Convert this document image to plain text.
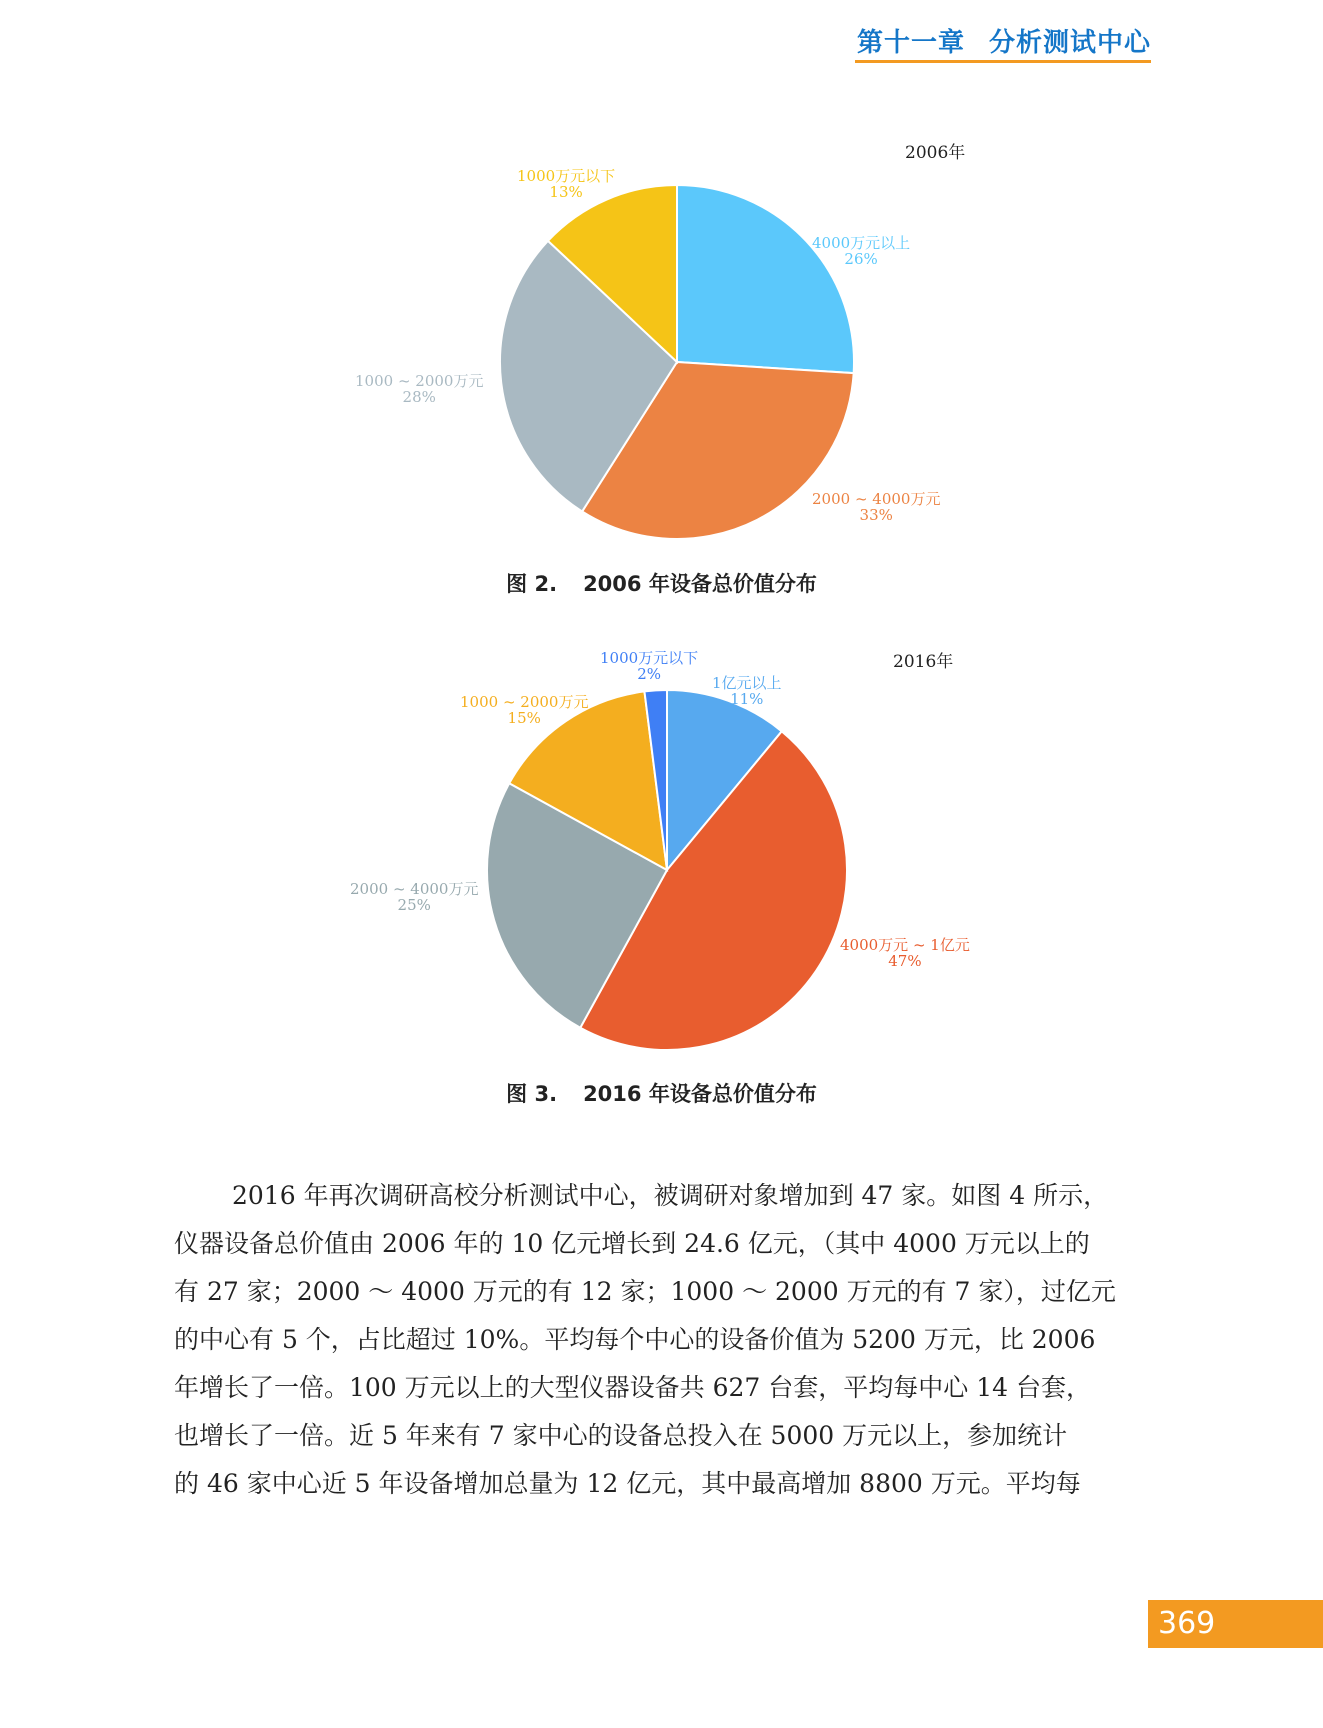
第十一章 分析测试中心
2006年
4000万元以上
26%
2000 ~ 4000万元
33%
1000 ~ 2000万元
28%
1000万元以下
13%
图 2. 2006 年设备总价值分布
2016年
1亿元以上
11%
4000万元 ~ 1亿元
47%
2000 ~ 4000万元
25%
1000 ~ 2000万元
15%
1000万元以下
2%
图 3. 2016 年设备总价值分布
2016 年再次调研高校分析测试中心，被调研对象增加到 47 家。如图 4 所示，
仪器设备总价值由 2006 年的 10 亿元增长到 24.6 亿元，（其中 4000 万元以上的
有 27 家；2000 ～ 4000 万元的有 12 家；1000 ～ 2000 万元的有 7 家），过亿元
的中心有 5 个，占比超过 10%。平均每个中心的设备价值为 5200 万元，比 2006
年增长了一倍。100 万元以上的大型仪器设备共 627 台套，平均每中心 14 台套，
也增长了一倍。近 5 年来有 7 家中心的设备总投入在 5000 万元以上，参加统计
的 46 家中心近 5 年设备增加总量为 12 亿元，其中最高增加 8800 万元。平均每
369
